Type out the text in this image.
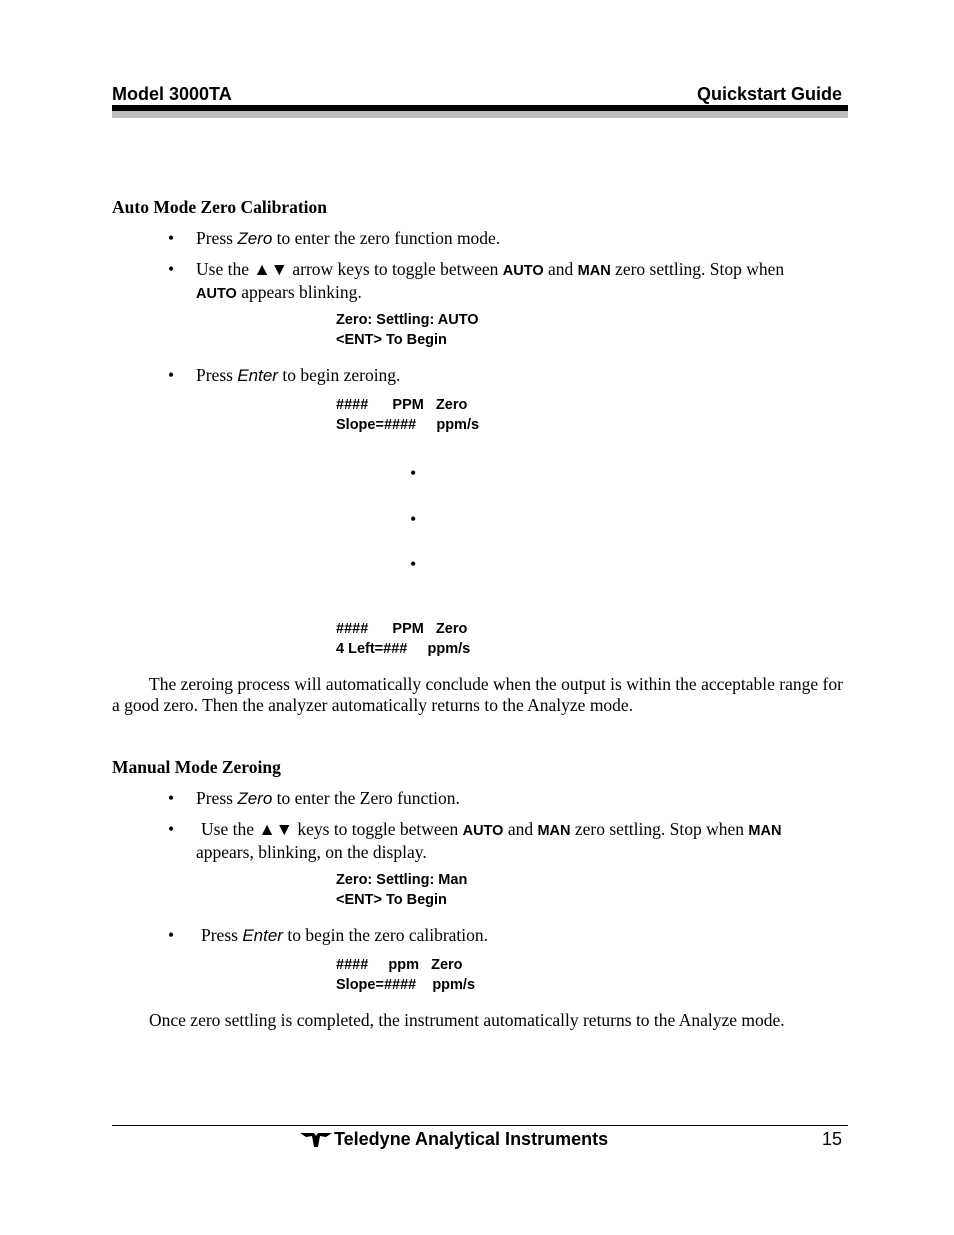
Model 3000TA	Quickstart Guide
Auto Mode Zero Calibration
• Press Zero to enter the zero function mode.
• Use the ▲▼ arrow keys to toggle between AUTO and MAN zero settling. Stop when
AUTO appears blinking.
Zero: Settling: AUTO
<ENT> To Begin
• Press Enter to begin zeroing.
####      PPM   Zero
Slope=####     ppm/s
•
•
•
####      PPM   Zero
4 Left=###     ppm/s
The zeroing process will automatically conclude when the output is within the acceptable range for a good zero. Then the analyzer automatically returns to the Analyze mode.
Manual Mode Zeroing
• Press Zero to enter the Zero function.
• Use the ▲▼ keys to toggle between AUTO and MAN zero settling. Stop when MAN
appears, blinking, on the display.
Zero: Settling: Man
<ENT> To Begin
• Press Enter to begin the zero calibration.
####     ppm   Zero
Slope=####    ppm/s
Once zero settling is completed, the instrument automatically returns to the Analyze mode.
Teledyne Analytical Instruments	15
